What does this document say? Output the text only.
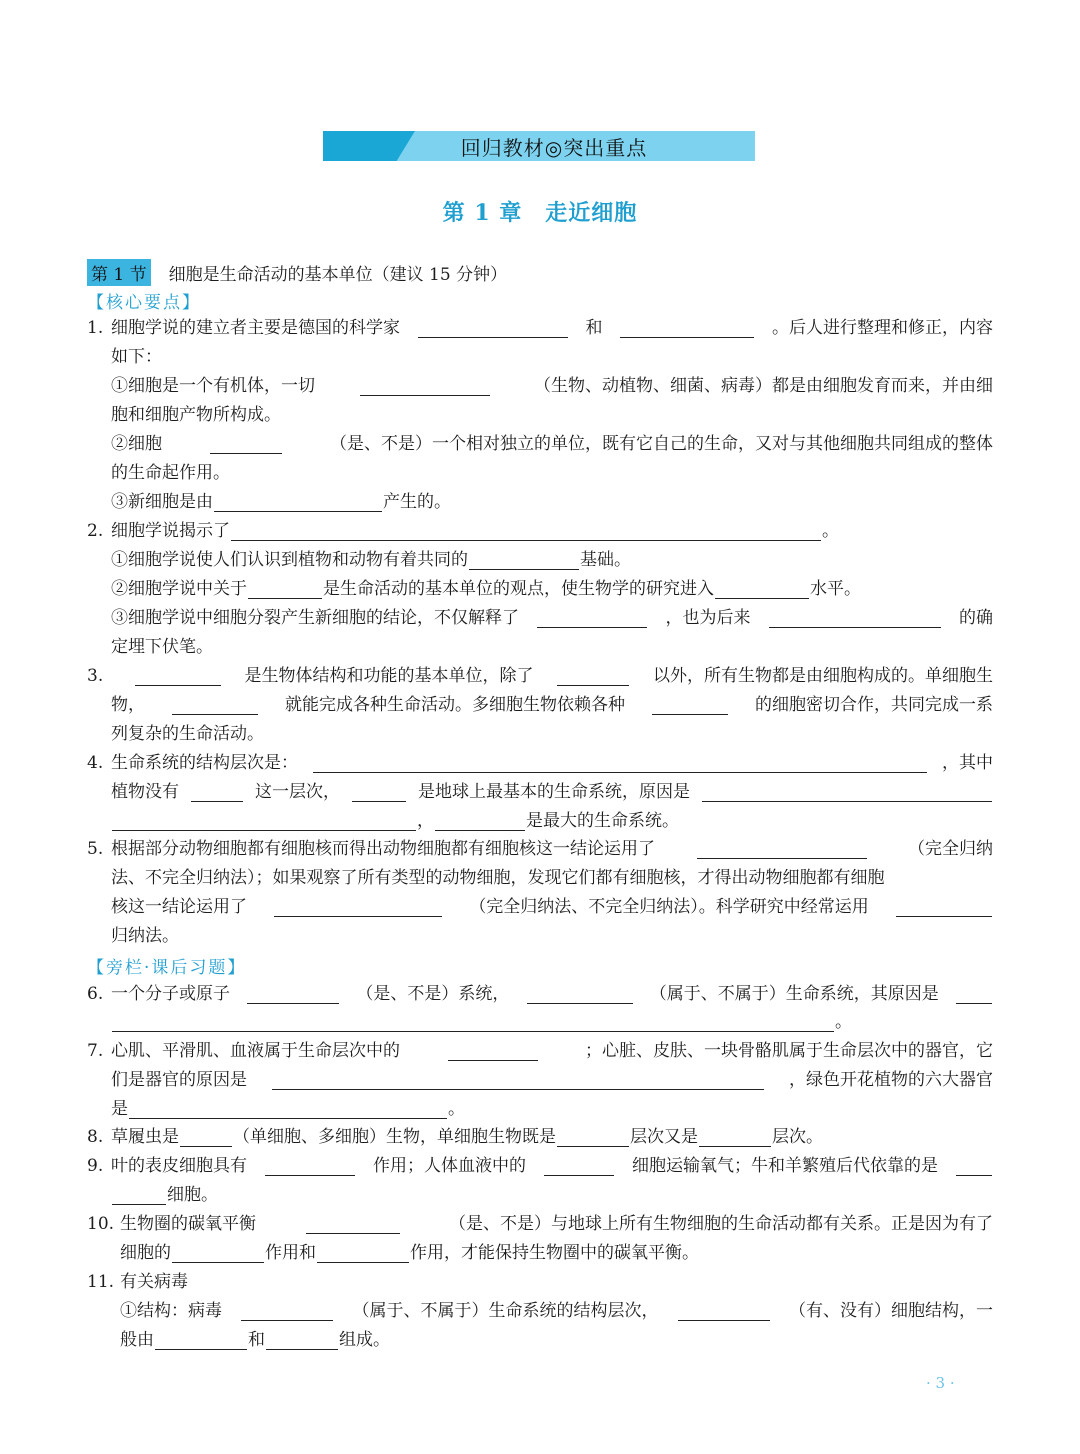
回归教材◎突出重点
第 1 章　走近细胞
第 1 节 细胞是生命活动的基本单位（建议 15 分钟）
【核心要点】
1. 细胞学说的建立者主要是德国的科学家	和	。后人进行整理和修正，内容
如下：
①细胞是一个有机体，一切	（生物、动植物、细菌、病毒）都是由细胞发育而来，并由细
胞和细胞产物所构成。
②细胞	（是、不是）一个相对独立的单位，既有它自己的生命，又对与其他细胞共同组成的整体
的生命起作用。
③新细胞是由	产生的。
2. 细胞学说揭示了	。
①细胞学说使人们认识到植物和动物有着共同的	基础。
②细胞学说中关于	是生命活动的基本单位的观点，使生物学的研究进入	水平。
③细胞学说中细胞分裂产生新细胞的结论，不仅解释了	，也为后来	的确
定埋下伏笔。
3.	是生物体结构和功能的基本单位，除了	以外，所有生物都是由细胞构成的。单细胞生
物，	就能完成各种生命活动。多细胞生物依赖各种	的细胞密切合作，共同完成一系
列复杂的生命活动。
4. 生命系统的结构层次是：	，其中
植物没有	这一层次，	是地球上最基本的生命系统，原因是
，	是最大的生命系统。
5. 根据部分动物细胞都有细胞核而得出动物细胞都有细胞核这一结论运用了	（完全归纳
法、不完全归纳法）；如果观察了所有类型的动物细胞，发现它们都有细胞核，才得出动物细胞都有细胞
核这一结论运用了	（完全归纳法、不完全归纳法）。科学研究中经常运用
归纳法。
【旁栏·课后习题】
6. 一个分子或原子	（是、不是）系统，	（属于、不属于）生命系统，其原因是
。
7. 心肌、平滑肌、血液属于生命层次中的	；心脏、皮肤、一块骨骼肌属于生命层次中的器官，它
们是器官的原因是	，绿色开花植物的六大器官
是	。
8. 草履虫是	（单细胞、多细胞）生物，单细胞生物既是	层次又是	层次。
9. 叶的表皮细胞具有	作用；人体血液中的	细胞运输氧气；牛和羊繁殖后代依靠的是
细胞。
10. 生物圈的碳氧平衡	（是、不是）与地球上所有生物细胞的生命活动都有关系。正是因为有了
细胞的	作用和	作用，才能保持生物圈中的碳氧平衡。
11. 有关病毒
①结构：病毒	（属于、不属于）生命系统的结构层次，	（有、没有）细胞结构，一
般由	和	组成。
· 3 ·
